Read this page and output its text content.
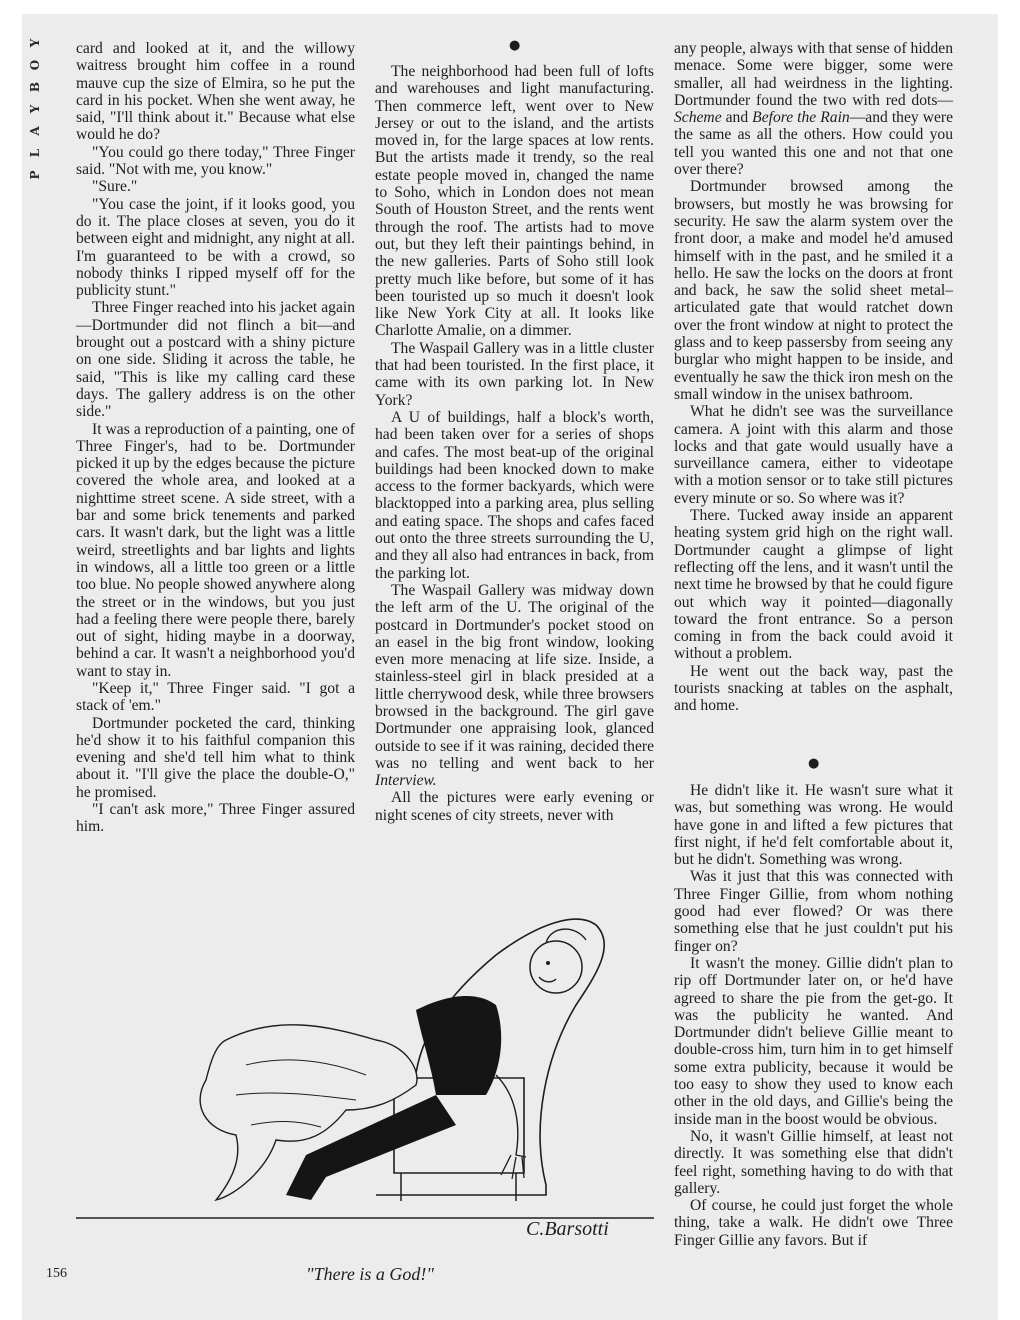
Y
O
B
Y
A
L
P

card and looked at it, and the willowy waitress brought him coffee in a round mauve cup the size of Elmira, so he put the card in his pocket. When she went away, he said, "I'll think about it." Because what else would he do?

"You could go there today," Three Finger said. "Not with me, you know."

"Sure."

"You case the joint, if it looks good, you do it. The place closes at seven, you do it between eight and midnight, any night at all. I'm guaranteed to be with a crowd, so nobody thinks I ripped myself off for the publicity stunt."

Three Finger reached into his jacket again—Dortmunder did not flinch a bit—and brought out a postcard with a shiny picture on one side. Sliding it across the table, he said, "This is like my calling card these days. The gallery address is on the other side."

It was a reproduction of a painting, one of Three Finger's, had to be. Dortmunder picked it up by the edges because the picture covered the whole area, and looked at a nighttime street scene. A side street, with a bar and some brick tenements and parked cars. It wasn't dark, but the light was a little weird, streetlights and bar lights and lights in windows, all a little too green or a little too blue. No people showed anywhere along the street or in the windows, but you just had a feeling there were people there, barely out of sight, hiding maybe in a doorway, behind a car. It wasn't a neighborhood you'd want to stay in.

"Keep it," Three Finger said. "I got a stack of 'em."

Dortmunder pocketed the card, thinking he'd show it to his faithful companion this evening and she'd tell him what to think about it. "I'll give the place the double-O," he promised.

"I can't ask more," Three Finger assured him.

●

The neighborhood had been full of lofts and warehouses and light manufacturing. Then commerce left, went over to New Jersey or out to the island, and the artists moved in, for the large spaces at low rents. But the artists made it trendy, so the real estate people moved in, changed the name to Soho, which in London does not mean South of Houston Street, and the rents went through the roof. The artists had to move out, but they left their paintings behind, in the new galleries. Parts of Soho still look pretty much like before, but some of it has been touristed up so much it doesn't look like New York City at all. It looks like Charlotte Amalie, on a dimmer.

The Waspail Gallery was in a little cluster that had been touristed. In the first place, it came with its own parking lot. In New York?

A U of buildings, half a block's worth, had been taken over for a series of shops and cafes. The most beat-up of the original buildings had been knocked down to make access to the former backyards, which were blacktopped into a parking area, plus selling and eating space. The shops and cafes faced out onto the three streets surrounding the U, and they all also had entrances in back, from the parking lot.

The Waspail Gallery was midway down the left arm of the U. The original of the postcard in Dortmunder's pocket stood on an easel in the big front window, looking even more menacing at life size. Inside, a stainless-steel girl in black presided at a little cherrywood desk, while three browsers browsed in the background. The girl gave Dortmunder one appraising look, glanced outside to see if it was raining, decided there was no telling and went back to her Interview.

All the pictures were early evening or night scenes of city streets, never with

any people, always with that sense of hidden menace. Some were bigger, some were smaller, all had weirdness in the lighting. Dortmunder found the two with red dots—Scheme and Before the Rain—and they were the same as all the others. How could you tell you wanted this one and not that one over there?

Dortmunder browsed among the browsers, but mostly he was browsing for security. He saw the alarm system over the front door, a make and model he'd amused himself with in the past, and he smiled it a hello. He saw the locks on the doors at front and back, he saw the solid sheet metal–articulated gate that would ratchet down over the front window at night to protect the glass and to keep passersby from seeing any burglar who might happen to be inside, and eventually he saw the thick iron mesh on the small window in the unisex bathroom.

What he didn't see was the surveillance camera. A joint with this alarm and those locks and that gate would usually have a surveillance camera, either to videotape with a motion sensor or to take still pictures every minute or so. So where was it?

There. Tucked away inside an apparent heating system grid high on the right wall. Dortmunder caught a glimpse of light reflecting off the lens, and it wasn't until the next time he browsed by that he could figure out which way it pointed—diagonally toward the front entrance. So a person coming in from the back could avoid it without a problem.

He went out the back way, past the tourists snacking at tables on the asphalt, and home.

●

He didn't like it. He wasn't sure what it was, but something was wrong. He would have gone in and lifted a few pictures that first night, if he'd felt comfortable about it, but he didn't. Something was wrong.

Was it just that this was connected with Three Finger Gillie, from whom nothing good had ever flowed? Or was there something else that he just couldn't put his finger on?

It wasn't the money. Gillie didn't plan to rip off Dortmunder later on, or he'd have agreed to share the pie from the get-go. It was the publicity he wanted. And Dortmunder didn't believe Gillie meant to double-cross him, turn him in to get himself some extra publicity, because it would be too easy to show they used to know each other in the old days, and Gillie's being the inside man in the boost would be obvious.

No, it wasn't Gillie himself, at least not directly. It was something else that didn't feel right, something having to do with that gallery.

Of course, he could just forget the whole thing, take a walk. He didn't owe Three Finger Gillie any favors. But if

C.Barsotti
"There is a God!"
156
